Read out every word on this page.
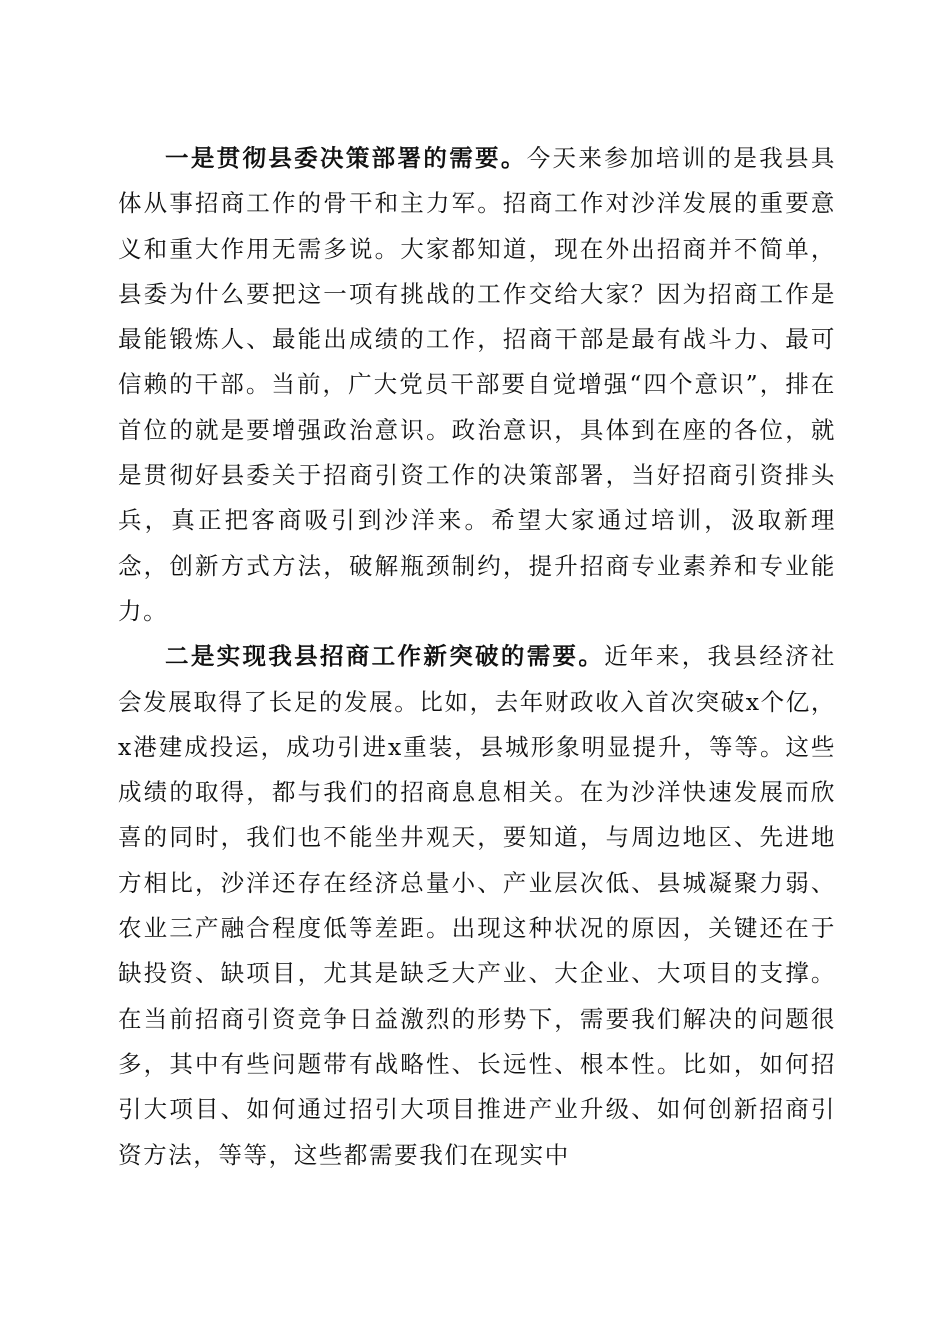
一是贯彻县委决策部署的需要。今天来参加培训的是我县具体从事招商工作的骨干和主力军。招商工作对沙洋发展的重要意义和重大作用无需多说。大家都知道，现在外出招商并不简单，县委为什么要把这一项有挑战的工作交给大家？因为招商工作是最能锻炼人、最能出成绩的工作，招商干部是最有战斗力、最可信赖的干部。当前，广大党员干部要自觉增强“四个意识”，排在首位的就是要增强政治意识。政治意识，具体到在座的各位，就是贯彻好县委关于招商引资工作的决策部署，当好招商引资排头兵，真正把客商吸引到沙洋来。希望大家通过培训，汲取新理念，创新方式方法，破解瓶颈制约，提升招商专业素养和专业能力。

二是实现我县招商工作新突破的需要。近年来，我县经济社会发展取得了长足的发展。比如，去年财政收入首次突破x个亿，x港建成投运，成功引进x重装，县城形象明显提升，等等。这些成绩的取得，都与我们的招商息息相关。在为沙洋快速发展而欣喜的同时，我们也不能坐井观天，要知道，与周边地区、先进地方相比，沙洋还存在经济总量小、产业层次低、县城凝聚力弱、农业三产融合程度低等差距。出现这种状况的原因，关键还在于缺投资、缺项目，尤其是缺乏大产业、大企业、大项目的支撑。在当前招商引资竞争日益激烈的形势下，需要我们解决的问题很多，其中有些问题带有战略性、长远性、根本性。比如，如何招引大项目、如何通过招引大项目推进产业升级、如何创新招商引资方法，等等，这些都需要我们在现实中
